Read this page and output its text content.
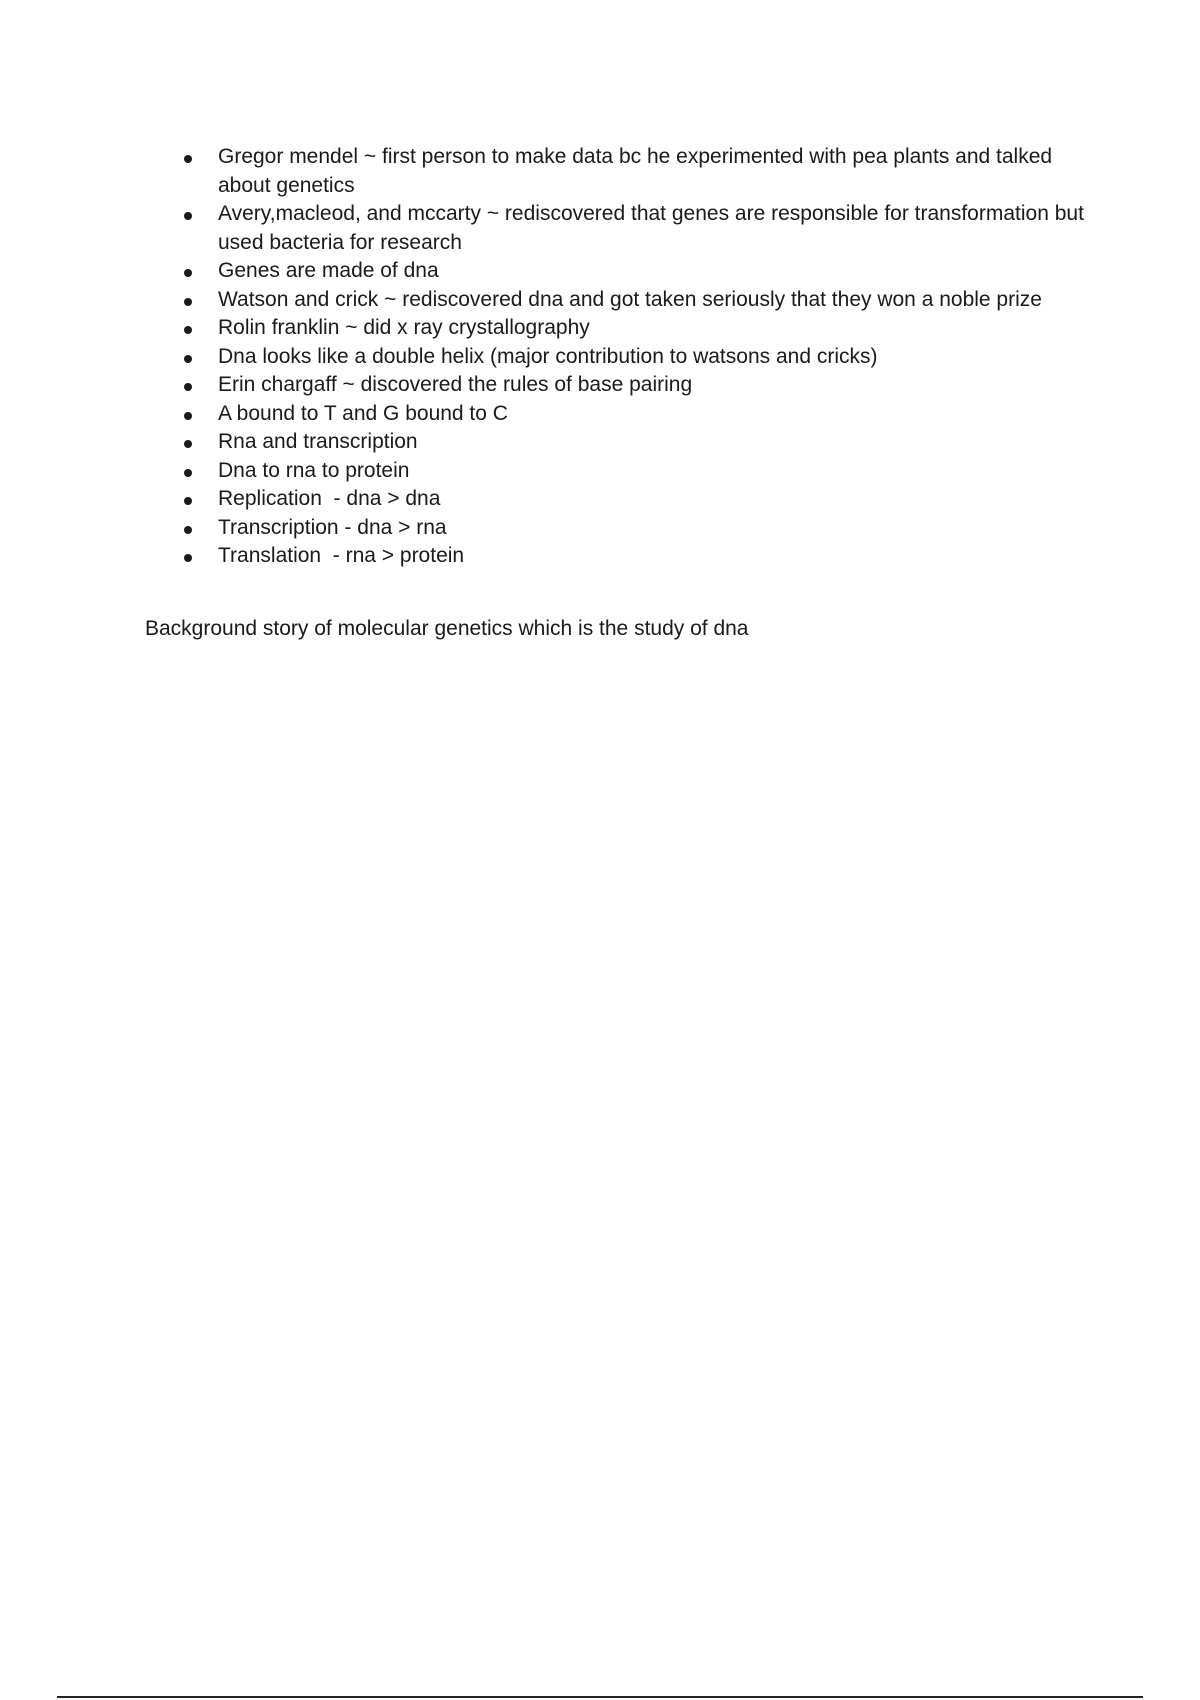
Gregor mendel ~ first person to make data bc he experimented with pea plants and talked about genetics
Avery,macleod, and mccarty ~ rediscovered that genes are responsible for transformation but used bacteria for research
Genes are made of dna
Watson and crick ~ rediscovered dna and got taken seriously that they won a noble prize
Rolin franklin ~ did x ray crystallography
Dna looks like a double helix (major contribution to watsons and cricks)
Erin chargaff ~ discovered the rules of base pairing
A bound to T and G bound to C
Rna and transcription
Dna to rna to protein
Replication  - dna > dna
Transcription - dna > rna
Translation  - rna > protein

Background story of molecular genetics which is the study of dna
